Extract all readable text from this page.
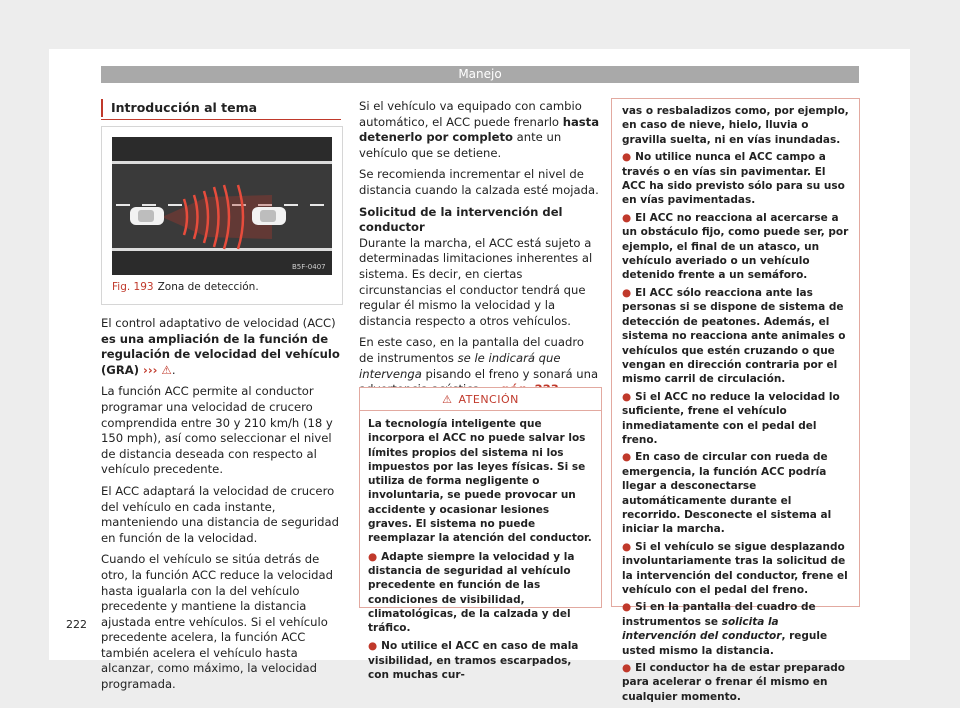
Manejo
Introducción al tema
B5F-0407
Fig. 193 Zona de detección.

El control adaptativo de velocidad (ACC) es una ampliación de la función de regulación de velocidad del vehículo (GRA) ››› ⚠.

La función ACC permite al conductor programar una velocidad de crucero comprendida entre 30 y 210 km/h (18 y 150 mph), así como seleccionar el nivel de distancia deseada con respecto al vehículo precedente.

El ACC adaptará la velocidad de crucero del vehículo en cada instante, manteniendo una distancia de seguridad en función de la velocidad.

Cuando el vehículo se sitúa detrás de otro, la función ACC reduce la velocidad hasta igualarla con la del vehículo precedente y mantiene la distancia ajustada entre vehículos. Si el vehículo precedente acelera, la función ACC también acelera el vehículo hasta alcanzar, como máximo, la velocidad programada.

Si el vehículo va equipado con cambio automático, el ACC puede frenarlo hasta detenerlo por completo ante un vehículo que se detiene.

Se recomienda incrementar el nivel de distancia cuando la calzada esté mojada.

Solicitud de la intervención del conductor

Durante la marcha, el ACC está sujeto a determinadas limitaciones inherentes al sistema. Es decir, en ciertas circunstancias el conductor tendrá que regular él mismo la velocidad y la distancia respecto a otros vehículos.

En este caso, en la pantalla del cuadro de instrumentos se le indicará que intervenga pisando el freno y sonará una

⚠ ATENCIÓN

La tecnología inteligente que incorpora el ACC no puede salvar los límites propios del sistema ni los impuestos por las leyes físicas. Si se utiliza de forma negligente o involuntaria, se puede provocar un accidente y ocasionar lesiones graves. El sistema no puede reemplazar la atención del conductor.

● Adapte siempre la velocidad y la distancia de seguridad al vehículo precedente en función de las condiciones de visibilidad, climatológicas, de la calzada y del tráfico.

● No utilice el ACC en caso de mala visibilidad, en tramos escarpados, con muchas cur-

vas o resbaladizos como, por ejemplo, en caso de nieve, hielo, lluvia o gravilla suelta, ni en vías inundadas.

● No utilice nunca el ACC campo a través o en vías sin pavimentar. El ACC ha sido previsto sólo para su uso en vías pavimentadas.

● El ACC no reacciona al acercarse a un obstáculo fijo, como puede ser, por ejemplo, el final de un atasco, un vehículo averiado o un vehículo detenido frente a un semáforo.

● El ACC sólo reacciona ante las personas si se dispone de sistema de detección de peatones. Además, el sistema no reacciona ante animales o vehículos que estén cruzando o que vengan en dirección contraria por el mismo carril de circulación.

● Si el ACC no reduce la velocidad lo suficiente, frene el vehículo inmediatamente con el pedal del freno.

● En caso de circular con rueda de emergencia, la función ACC podría llegar a desconectarse automáticamente durante el recorrido. Desconecte el sistema al iniciar la marcha.

● Si el vehículo se sigue desplazando involuntariamente tras la solicitud de la intervención del conductor, frene el vehículo con el pedal del freno.

● Si en la pantalla del cuadro de instrumentos se solicita la intervención del conductor, regule usted mismo la distancia.

● El conductor ha de estar preparado para acelerar o frenar él mismo en cualquier momento.

222
